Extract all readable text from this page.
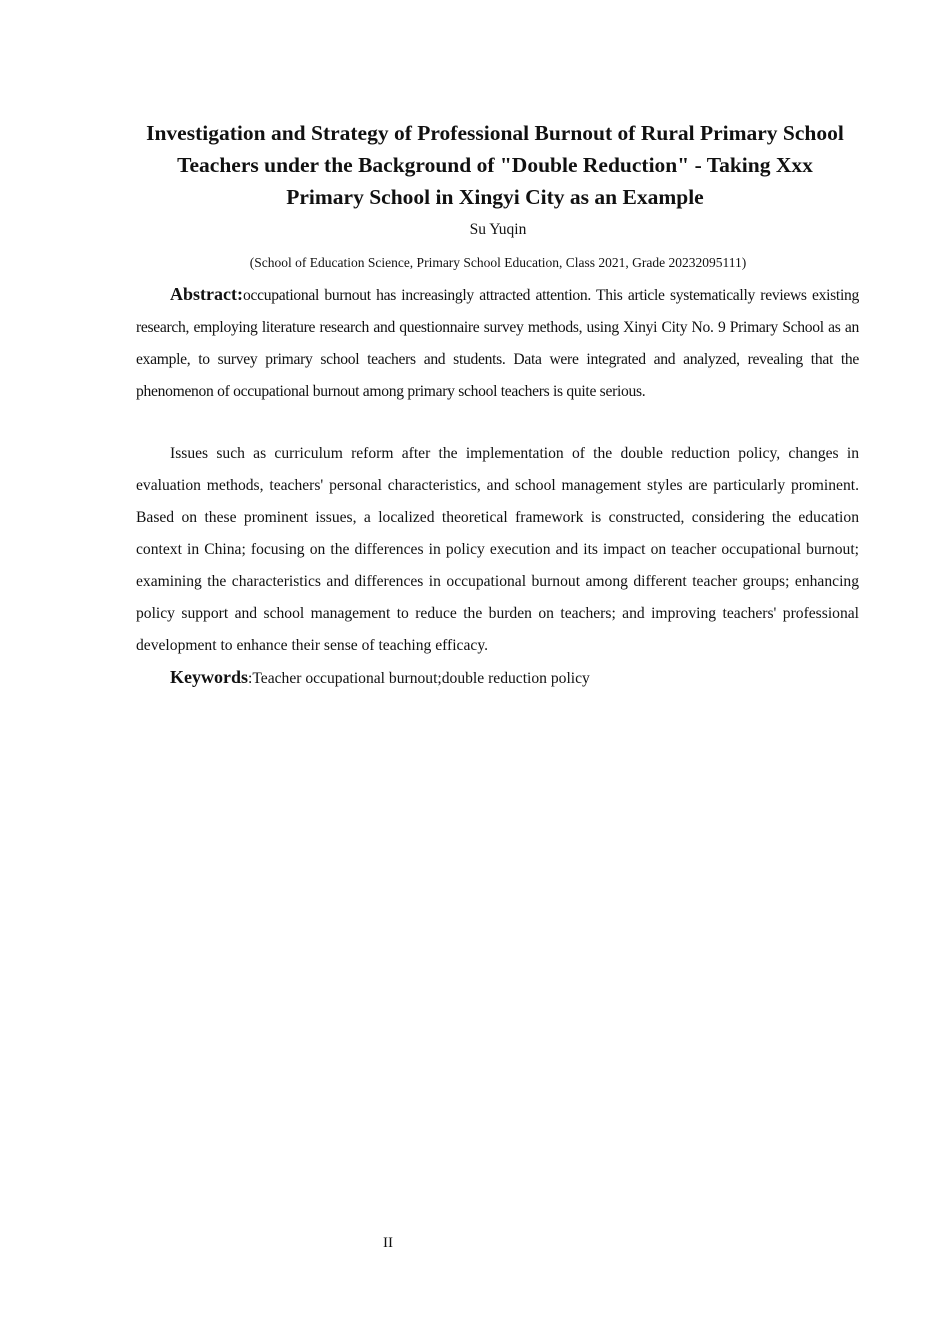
Investigation and Strategy of Professional Burnout of Rural Primary School Teachers under the Background of "Double Reduction" - Taking Xxx Primary School in Xingyi City as an Example
Su Yuqin
(School of Education Science, Primary School Education, Class 2021, Grade 20232095111)

Abstract:occupational burnout has increasingly attracted attention. This article systematically reviews existing research, employing literature research and questionnaire survey methods, using Xinyi City No. 9 Primary School as an example, to survey primary school teachers and students. Data were integrated and analyzed, revealing that the phenomenon of occupational burnout among primary school teachers is quite serious.

Issues such as curriculum reform after the implementation of the double reduction policy, changes in evaluation methods, teachers' personal characteristics, and school management styles are particularly prominent. Based on these prominent issues, a localized theoretical framework is constructed, considering the education context in China; focusing on the differences in policy execution and its impact on teacher occupational burnout; examining the characteristics and differences in occupational burnout among different teacher groups; enhancing policy support and school management to reduce the burden on teachers; and improving teachers' professional development to enhance their sense of teaching efficacy.

Keywords:Teacher occupational burnout;double reduction policy

II
